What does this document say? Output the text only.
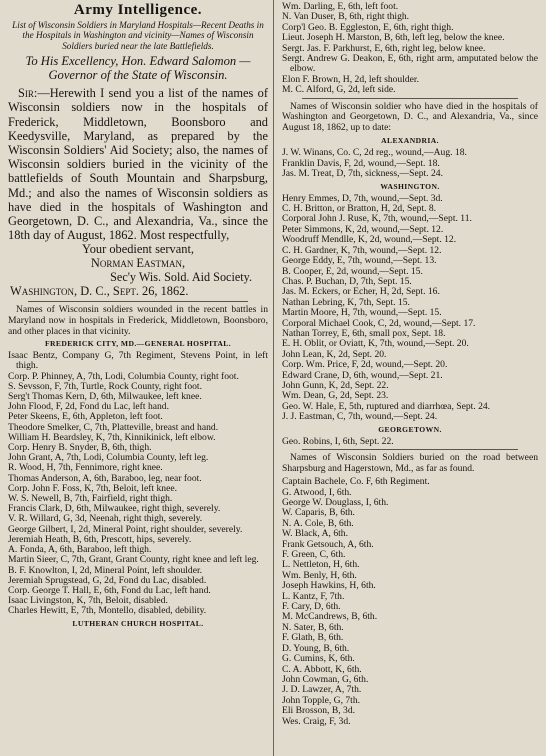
Army Intelligence.

List of Wisconsin Soldiers in Maryland Hospitals—Recent Deaths in the Hospitals in Washington and vicinity—Names of Wisconsin Soldiers buried near the late Battlefields.

To His Excellency, Hon. Edward Salomon —Governor of the State of Wisconsin.

Sir:—Herewith I send you a list of the names of Wisconsin soldiers now in the hospitals of Frederick, Middletown, Boonsboro and Keedysville, Maryland, as prepared by the Wisconsin Soldiers' Aid Society; also, the names of Wisconsin soldiers buried in the vicinity of the battlefields of South Mountain and Sharpsburg, Md.; and also the names of Wisconsin soldiers as have died in the hospitals of Washington and Georgetown, D. C., and Alexandria, Va., since the 18th day of August, 1862. Most respectfully,

Your obedient servant,

Norman Eastman,

Sec'y Wis. Sold. Aid Society.

Washington, D. C., Sept. 26, 1862.

Names of Wisconsin soldiers wounded in the recent battles in Maryland now in hospitals in Frederick, Middletown, Boonsboro, and other places in that vicinity.

FREDERICK CITY, MD.—GENERAL HOSPITAL.
Isaac Bentz, Company G, 7th Regiment, Stevens Point, in left thigh.
Corp. P. Phinney, A, 7th, Lodi, Columbia County, right foot.
S. Sevsson, F, 7th, Turtle, Rock County, right foot.
Serg't Thomas Kern, D, 6th, Milwaukee, left knee.
John Flood, F, 2d, Fond du Lac, left hand.
Peter Skeens, E, 6th, Appleton, left foot.
Theodore Smelker, C, 7th, Platteville, breast and hand.
William H. Beardsley, K, 7th, Kinnikinick, left elbow.
Corp. Henry B. Snyder, B, 6th, thigh.
John Grant, A, 7th, Lodi, Columbia County, left leg.
R. Wood, H, 7th, Fennimore, right knee.
Thomas Anderson, A, 6th, Baraboo, leg, near foot.
Corp. John F. Foss, K, 7th, Beloit, left knee.
W. S. Newell, B, 7th, Fairfield, right thigh.
Francis Clark, D, 6th, Milwaukee, right thigh, severely.
V. R. Willard, G, 3d, Neenah, right thigh, severely.
George Gilbert, I, 2d, Mineral Point, right shoulder, severely.
Jeremiah Heath, B, 6th, Prescott, hips, severely.
A. Fonda, A, 6th, Baraboo, left thigh.
Martin Sieer, C, 7th, Grant, Grant County, right knee and left leg.
B. F. Knowlton, I, 2d, Mineral Point, left shoulder.
Jeremiah Sprugstead, G, 2d, Fond du Lac, disabled.
Corp. George T. Hall, E, 6th, Fond du Lac, left hand.
Isaac Livingston, K, 7th, Beloit, disabled.
Charles Hewitt, E, 7th, Montello, disabled, debility.
LUTHERAN CHURCH HOSPITAL.
Wm. Darling, E, 6th, left foot.
N. Van Duser, B, 6th, right thigh.
Corp'l Geo. B. Eggleston, E, 6th, right thigh.
Lieut. Joseph H. Marston, B, 6th, left leg, below the knee.
Sergt. Jas. F. Parkhurst, E, 6th, right leg, below knee.
Sergt. Andrew G. Deakon, E, 6th, right arm, amputated below the elbow.
Elon F. Brown, H, 2d, left shoulder.
M. C. Alford, G, 2d, left side.

Names of Wisconsin soldier who have died in the hospitals of Washington and Georgetown, D. C., and Alexandria, Va., since August 18, 1862, up to date:

ALEXANDRIA.
J. W. Winans, Co. C, 2d reg., wound,—Aug. 18.
Franklin Davis, F, 2d, wound,—Sept. 18.
Jas. M. Treat, D, 7th, sickness,—Sept. 24.
WASHINGTON.
Henry Emmes, D, 7th, wound,—Sept. 3d.
C. H. Britton, or Bratton, H, 2d, Sept. 8.
Corporal John J. Ruse, K, 7th, wound,—Sept. 11.
Peter Simmons, K, 2d, wound,—Sept. 12.
Woodruff Mendlle, K, 2d, wound,—Sept. 12.
C. H. Gardner, K, 7th, wound,—Sept. 12.
George Eddy, E, 7th, wound,—Sept. 13.
B. Cooper, E, 2d, wound,—Sept. 15.
Chas. P. Buchan, D, 7th, Sept. 15.
Jas. M. Eckers, or Echer, H, 2d, Sept. 16.
Nathan Lebring, K, 7th, Sept. 15.
Martin Moore, H, 7th, wound,—Sept. 15.
Corporal Michael Cook, C, 2d, wound,—Sept. 17.
Nathan Torrey, E, 6th, small pox, Sept. 18.
E. H. Oblit, or Oviatt, K, 7th, wound,—Sept. 20.
John Lean, K, 2d, Sept. 20.
Corp. Wm. Price, F, 2d, wound,—Sept. 20.
Edward Crane, D, 6th, wound,—Sept. 21.
John Gunn, K, 2d, Sept. 22.
Wm. Dean, G, 2d, Sept. 23.
Geo. W. Hale, E, 5th, ruptured and diarrhœa, Sept. 24.
J. J. Eastman, C, 7th, wound,—Sept. 24.
GEORGETOWN.
Geo. Robins, I, 6th, Sept. 22.

Names of Wisconsin Soldiers buried on the road between Sharpsburg and Hagerstown, Md., as far as found.

Captain Bachele, Co. F, 6th Regiment.
G. Atwood, I, 6th.
George W. Douglass, I, 6th.
W. Caparis, B, 6th.
N. A. Cole, B, 6th.
W. Black, A, 6th.
Frank Getsouch, A, 6th.
F. Green, C, 6th.
L. Nettleton, H, 6th.
Wm. Benly, H, 6th.
Joseph Hawkins, H, 6th.
L. Kantz, F, 7th.
F. Cary, D, 6th.
M. McCandrews, B, 6th.
N. Sater, B, 6th.
F. Glath, B, 6th.
D. Young, B, 6th.
G. Cumins, K, 6th.
C. A. Abbott, K, 6th.
John Cowman, G, 6th.
J. D. Lawzer, A, 7th.
John Topple, G, 7th.
Eli Brosson, B, 3d.
Wes. Craig, F, 3d.
